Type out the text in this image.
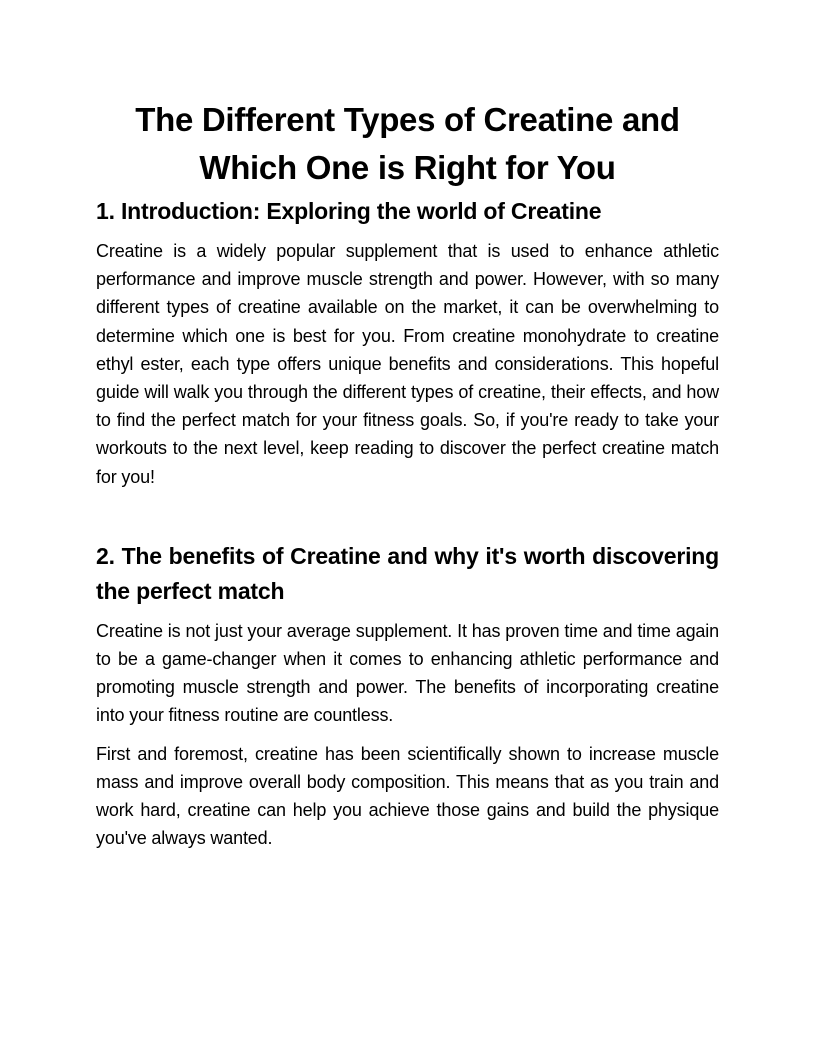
The Different Types of Creatine and Which One is Right for You
1. Introduction: Exploring the world of Creatine

Creatine is a widely popular supplement that is used to enhance athletic performance and improve muscle strength and power. However, with so many different types of creatine available on the market, it can be overwhelming to determine which one is best for you. From creatine monohydrate to creatine ethyl ester, each type offers unique benefits and considerations. This hopeful guide will walk you through the different types of creatine, their effects, and how to find the perfect match for your fitness goals. So, if you're ready to take your workouts to the next level, keep reading to discover the perfect creatine match for you!

2. The benefits of Creatine and why it's worth discovering the perfect match

Creatine is not just your average supplement. It has proven time and time again to be a game-changer when it comes to enhancing athletic performance and promoting muscle strength and power. The benefits of incorporating creatine into your fitness routine are countless.

First and foremost, creatine has been scientifically shown to increase muscle mass and improve overall body composition. This means that as you train and work hard, creatine can help you achieve those gains and build the physique you've always wanted.
